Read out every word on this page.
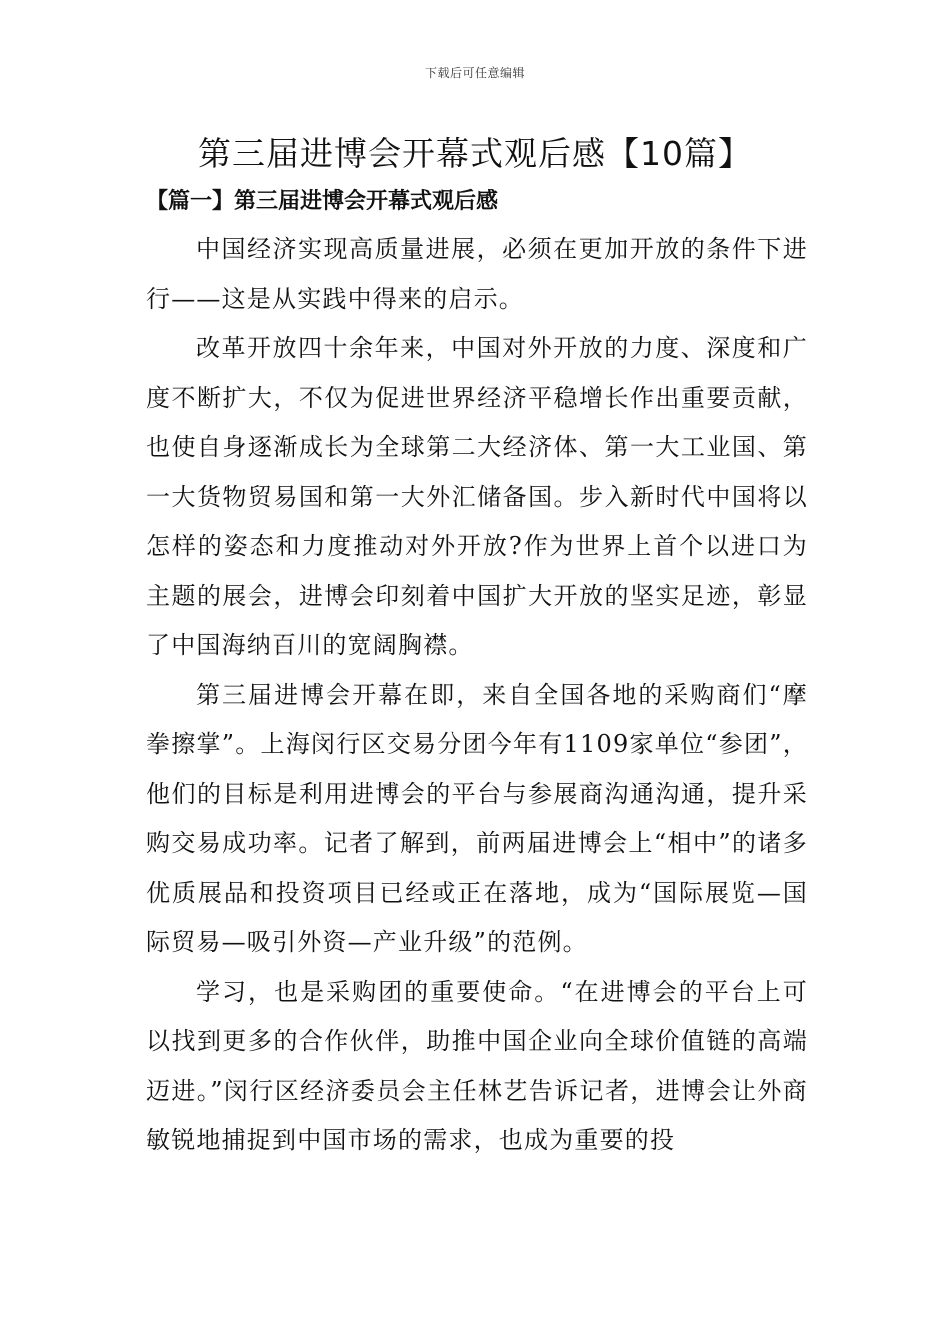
下载后可任意编辑
第三届进博会开幕式观后感【10篇】
【篇一】第三届进博会开幕式观后感

中国经济实现高质量进展，必须在更加开放的条件下进行——这是从实践中得来的启示。

改革开放四十余年来，中国对外开放的力度、深度和广度不断扩大，不仅为促进世界经济平稳增长作出重要贡献，也使自身逐渐成长为全球第二大经济体、第一大工业国、第一大货物贸易国和第一大外汇储备国。步入新时代中国将以怎样的姿态和力度推动对外开放?作为世界上首个以进口为主题的展会，进博会印刻着中国扩大开放的坚实足迹，彰显了中国海纳百川的宽阔胸襟。

第三届进博会开幕在即，来自全国各地的采购商们“摩拳擦掌”。上海闵行区交易分团今年有1109家单位“参团”，他们的目标是利用进博会的平台与参展商沟通沟通，提升采购交易成功率。记者了解到，前两届进博会上“相中”的诸多优质展品和投资项目已经或正在落地，成为“国际展览—国际贸易—吸引外资—产业升级”的范例。

学习，也是采购团的重要使命。“在进博会的平台上可以找到更多的合作伙伴，助推中国企业向全球价值链的高端迈进。”闵行区经济委员会主任林艺告诉记者，进博会让外商敏锐地捕捉到中国市场的需求，也成为重要的投
